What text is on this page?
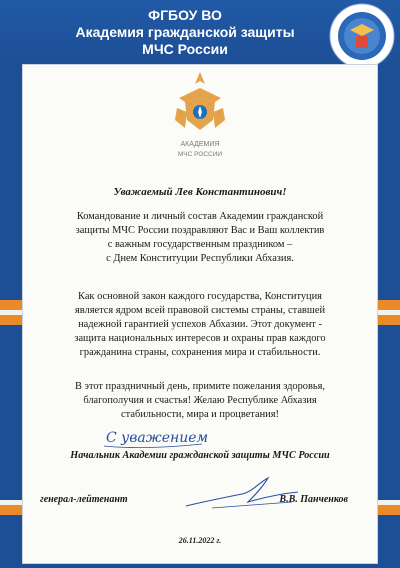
ФГБОУ ВО
Академия гражданской защиты
МЧС России
АКАДЕМИЯ
МЧС РОССИИ
Уважаемый Лев Константинович!
Командование и личный состав Академии гражданской
защиты МЧС России поздравляют Вас и Ваш коллектив
с важным государственным праздником –
с Днем Конституции Республики Абхазия.
Как основной закон каждого государства, Конституция
является ядром всей правовой системы страны, ставшей
надежной гарантией успехов Абхазии. Этот документ -
защита национальных интересов и охраны прав каждого
гражданина страны, сохранения мира и стабильности.
В этот праздничный день, примите пожелания здоровья,
благополучия и счастья! Желаю Республике Абхазия
стабильности, мира и процветания!
С уважением
Начальник Академии гражданской защиты МЧС России
генерал-лейтенант	В.В. Панченков
26.11.2022 г.
